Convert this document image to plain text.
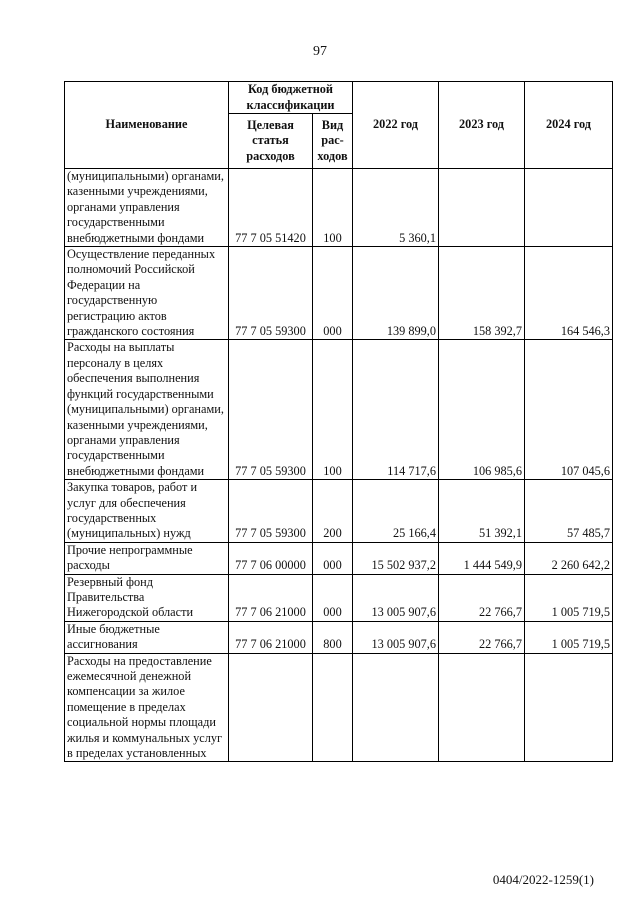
97
Наименование	Код бюджетной классификации		2022 год	2023 год	2024 год
	Целевая статья расходов	Вид рас-ходов			
(муниципальными) органами, казенными учреждениями, органами управления государственными внебюджетными фондами	77 7 05 51420	100	5 360,1		
Осуществление переданных полномочий Российской Федерации на государственную регистрацию актов гражданского состояния	77 7 05 59300	000	139 899,0	158 392,7	164 546,3
Расходы на выплаты персоналу в целях обеспечения выполнения функций государственными (муниципальными) органами, казенными учреждениями, органами управления государственными внебюджетными фондами	77 7 05 59300	100	114 717,6	106 985,6	107 045,6
Закупка товаров, работ и услуг для обеспечения государственных (муниципальных) нужд	77 7 05 59300	200	25 166,4	51 392,1	57 485,7
Прочие непрограммные расходы	77 7 06 00000	000	15 502 937,2	1 444 549,9	2 260 642,2
Резервный фонд Правительства Нижегородской области	77 7 06 21000	000	13 005 907,6	22 766,7	1 005 719,5
Иные бюджетные ассигнования	77 7 06 21000	800	13 005 907,6	22 766,7	1 005 719,5
Расходы на предоставление ежемесячной денежной компенсации за жилое помещение в пределах социальной нормы площади жилья и коммунальных услуг в пределах установленных					
0404/2022-1259(1)
